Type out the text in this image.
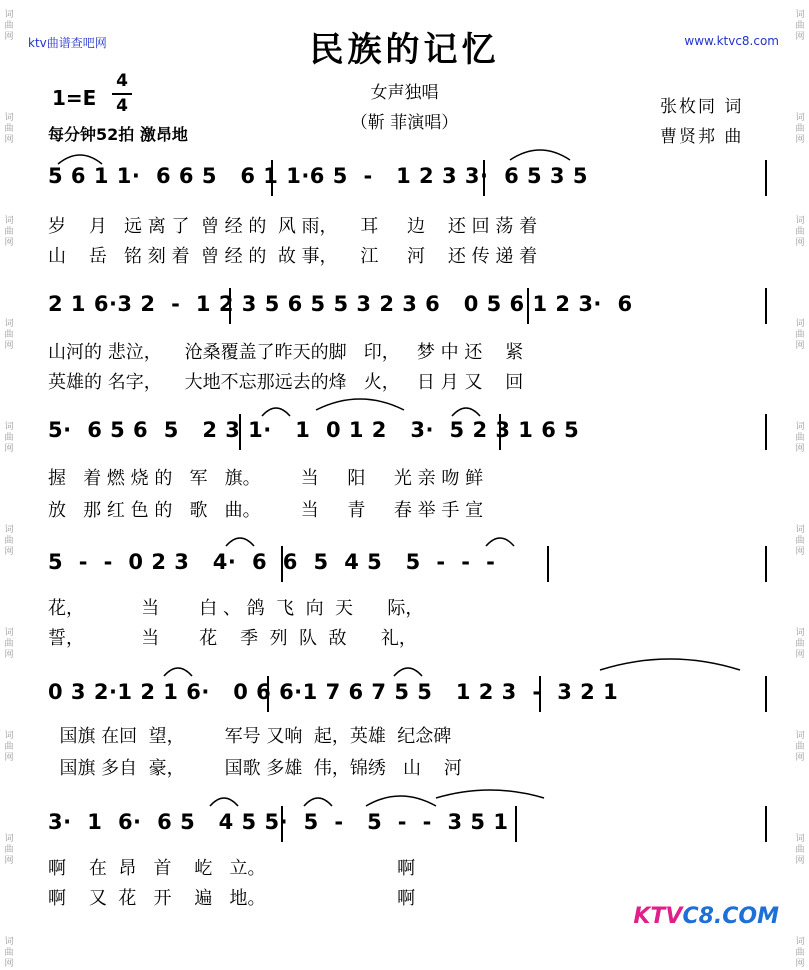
词
曲
网
词
曲
网
词
曲
网
词
曲
网
词
曲
网
词
曲
网
词
曲
网
词
曲
网
词
曲
网
词
曲
网
词
曲
网
词
曲
网
词
曲
网
词
曲
网
词
曲
网
词
曲
网
词
曲
网
词
曲
网
词
曲
网
词
曲
网
ktv曲谱查吧网	www.ktvc8.com
民族的记忆
女声独唱
（靳 菲演唱）
1=E
4
4
每分钟52拍 激昂地
张枚同 词
曹贤邦 曲
5 6 1 1·  6 6 5   6 1 1·6 5  -   1 2 3 3·  6 5 3 5
岁    月   远 离 了  曾 经 的  风 雨，    耳     边    还 回 荡 着
山    岳   铭 刻 着  曾 经 的  故 事，    江     河    还 传 递 着
2 1 6·3 2  -  1 2 3 5 6 5 5 3 2 3 6   0 5 6 1 2 3·  6
山河的 悲泣，    沧桑覆盖了昨天的脚   印，   梦 中 还    紧
英雄的 名字，    大地不忘那远去的烽   火，   日 月 又    回
5·  6 5 6  5   2 3 1·   1  0 1 2   3·  5 2 3 1 6 5
握   着 燃 烧 的   军   旗。       当     阳     光 亲 吻 鲜
放   那 红 色 的   歌   曲。       当     青     春 举 手 宣
5  -  -  0 2 3   4·  6  6  5  4 5   5  -  -  -
花，          当       白 、 鸽  飞  向  天      际，
誓，          当       花    季  列  队  敌      礼，
0 3 2·1 2 1 6·   0 6 6·1 7 6 7 5 5   1 2 3  -  3 2 1
国旗 在回  望，       军号 又响  起，英雄  纪念碑
国旗 多自  豪，       国歌 多雄  伟，锦绣   山    河
3·  1  6·  6 5   4 5 5·  5  -   5  -  -  3 5 1
啊    在  昂   首    屹   立。                       啊
啊    又  花   开    遍   地。                       啊
KTVC8.COM
